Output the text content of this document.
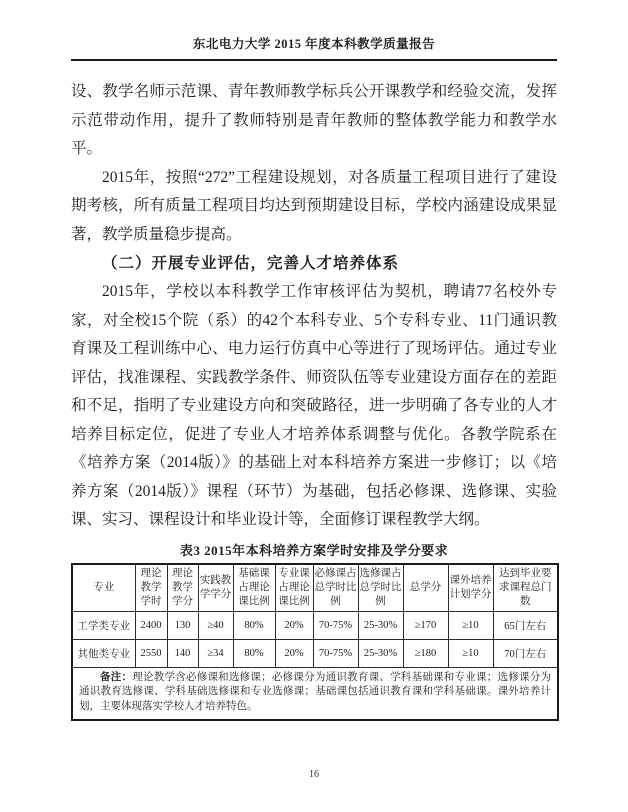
东北电力大学 2015 年度本科教学质量报告

设、教学名师示范课、青年教师教学标兵公开课教学和经验交流，发挥示范带动作用，提升了教师特别是青年教师的整体教学能力和教学水平。

2015年，按照“272”工程建设规划，对各质量工程项目进行了建设期考核，所有质量工程项目均达到预期建设目标，学校内涵建设成果显著，教学质量稳步提高。

（二）开展专业评估，完善人才培养体系

2015年，学校以本科教学工作审核评估为契机，聘请77名校外专家，对全校15个院（系）的42个本科专业、5个专科专业、11门通识教育课及工程训练中心、电力运行仿真中心等进行了现场评估。通过专业评估，找准课程、实践教学条件、师资队伍等专业建设方面存在的差距和不足，指明了专业建设方向和突破路径，进一步明确了各专业的人才培养目标定位，促进了专业人才培养体系调整与优化。各教学院系在《培养方案（2014版）》的基础上对本科培养方案进一步修订；以《培养方案（2014版）》课程（环节）为基础，包括必修课、选修课、实验课、实习、课程设计和毕业设计等，全面修订课程教学大纲。

表3 2015年本科培养方案学时安排及学分要求
专业	理论教学学时	理论教学学分	实践教学学分	基础课占理论课比例	专业课占理论课比例	必修课占总学时比例	选修课占总学时比例	总学分	课外培养计划学分	达到毕业要求课程总门数
工学类专业	2400	130	≥40	80%	20%	70-75%	25-30%	≥170	≥10	65门左右
其他类专业	2550	140	≥34	80%	20%	70-75%	25-30%	≥180	≥10	70门左右

备注：理论教学含必修课和选修课；必修课分为通识教育课、学科基础课和专业课；选修课分为通识教育选修课、学科基础选修课和专业选修课；基础课包括通识教育课和学科基础课。课外培养计划，主要体现落实学校人才培养特色。										

16
